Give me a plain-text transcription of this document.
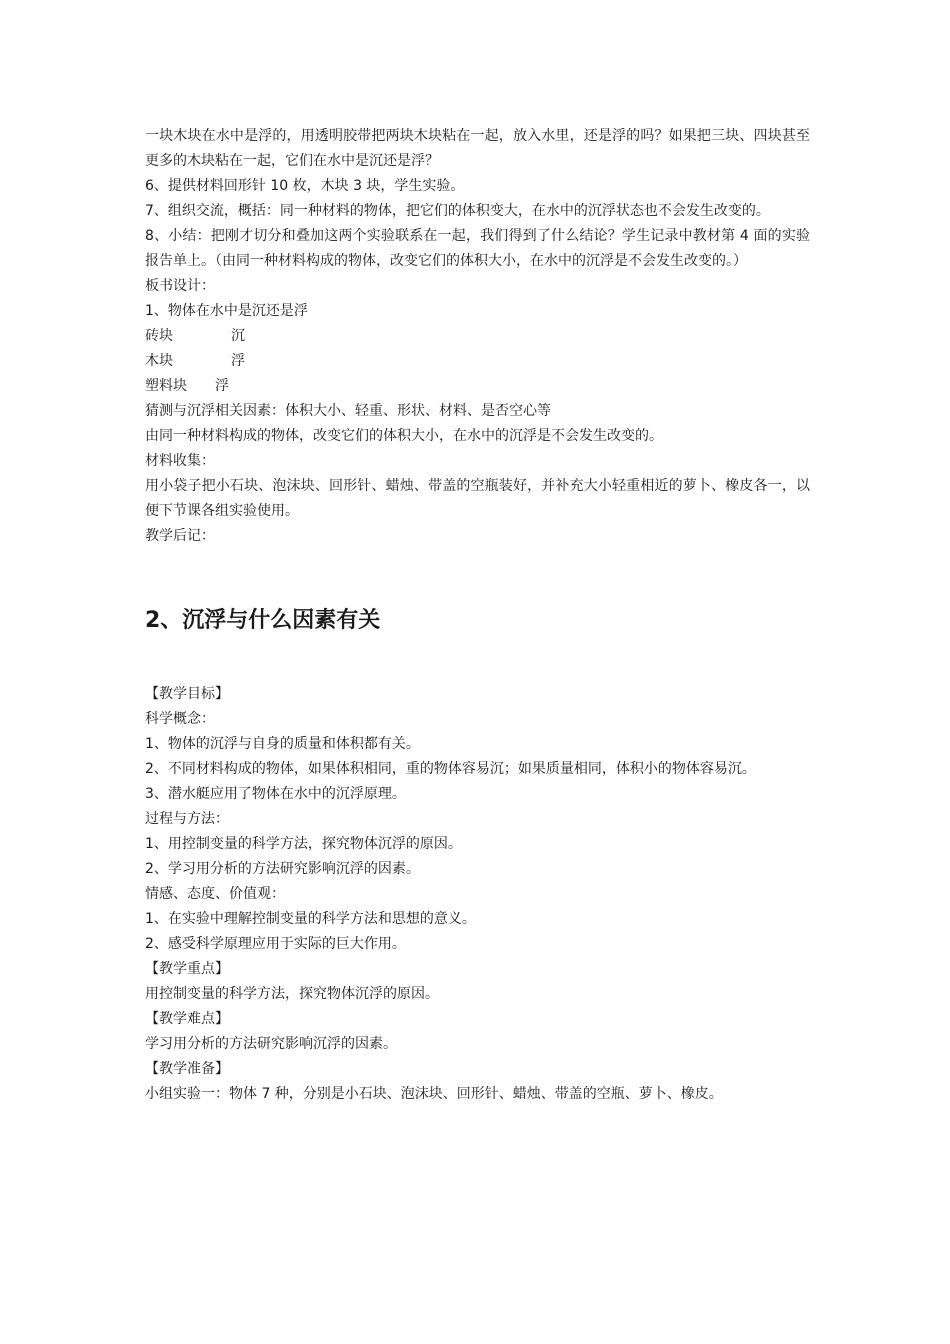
一块木块在水中是浮的，用透明胶带把两块木块粘在一起，放入水里，还是浮的吗？如果把三块、四块甚至更多的木块粘在一起，它们在水中是沉还是浮？
6、提供材料回形针 10 枚，木块 3 块，学生实验。
7、组织交流，概括：同一种材料的物体，把它们的体积变大，在水中的沉浮状态也不会发生改变的。
8、小结：把刚才切分和叠加这两个实验联系在一起，我们得到了什么结论？学生记录中教材第 4 面的实验报告单上。（由同一种材料构成的物体，改变它们的体积大小，在水中的沉浮是不会发生改变的。）
板书设计：
1、物体在水中是沉还是浮
砖块	沉
木块	浮
塑料块 浮
猜测与沉浮相关因素：体积大小、轻重、形状、材料、是否空心等
由同一种材料构成的物体，改变它们的体积大小，在水中的沉浮是不会发生改变的。
材料收集：
用小袋子把小石块、泡沫块、回形针、蜡烛、带盖的空瓶装好，并补充大小轻重相近的萝卜、橡皮各一，以便下节课各组实验使用。
教学后记：
2、沉浮与什么因素有关
【教学目标】
科学概念：
1、物体的沉浮与自身的质量和体积都有关。
2、不同材料构成的物体，如果体积相同，重的物体容易沉；如果质量相同，体积小的物体容易沉。
3、潜水艇应用了物体在水中的沉浮原理。
过程与方法：
1、用控制变量的科学方法，探究物体沉浮的原因。
2、学习用分析的方法研究影响沉浮的因素。
情感、态度、价值观：
1、在实验中理解控制变量的科学方法和思想的意义。
2、感受科学原理应用于实际的巨大作用。
【教学重点】
用控制变量的科学方法，探究物体沉浮的原因。
【教学难点】
学习用分析的方法研究影响沉浮的因素。
【教学准备】
小组实验一：物体 7 种，分别是小石块、泡沫块、回形针、蜡烛、带盖的空瓶、萝卜、橡皮。
